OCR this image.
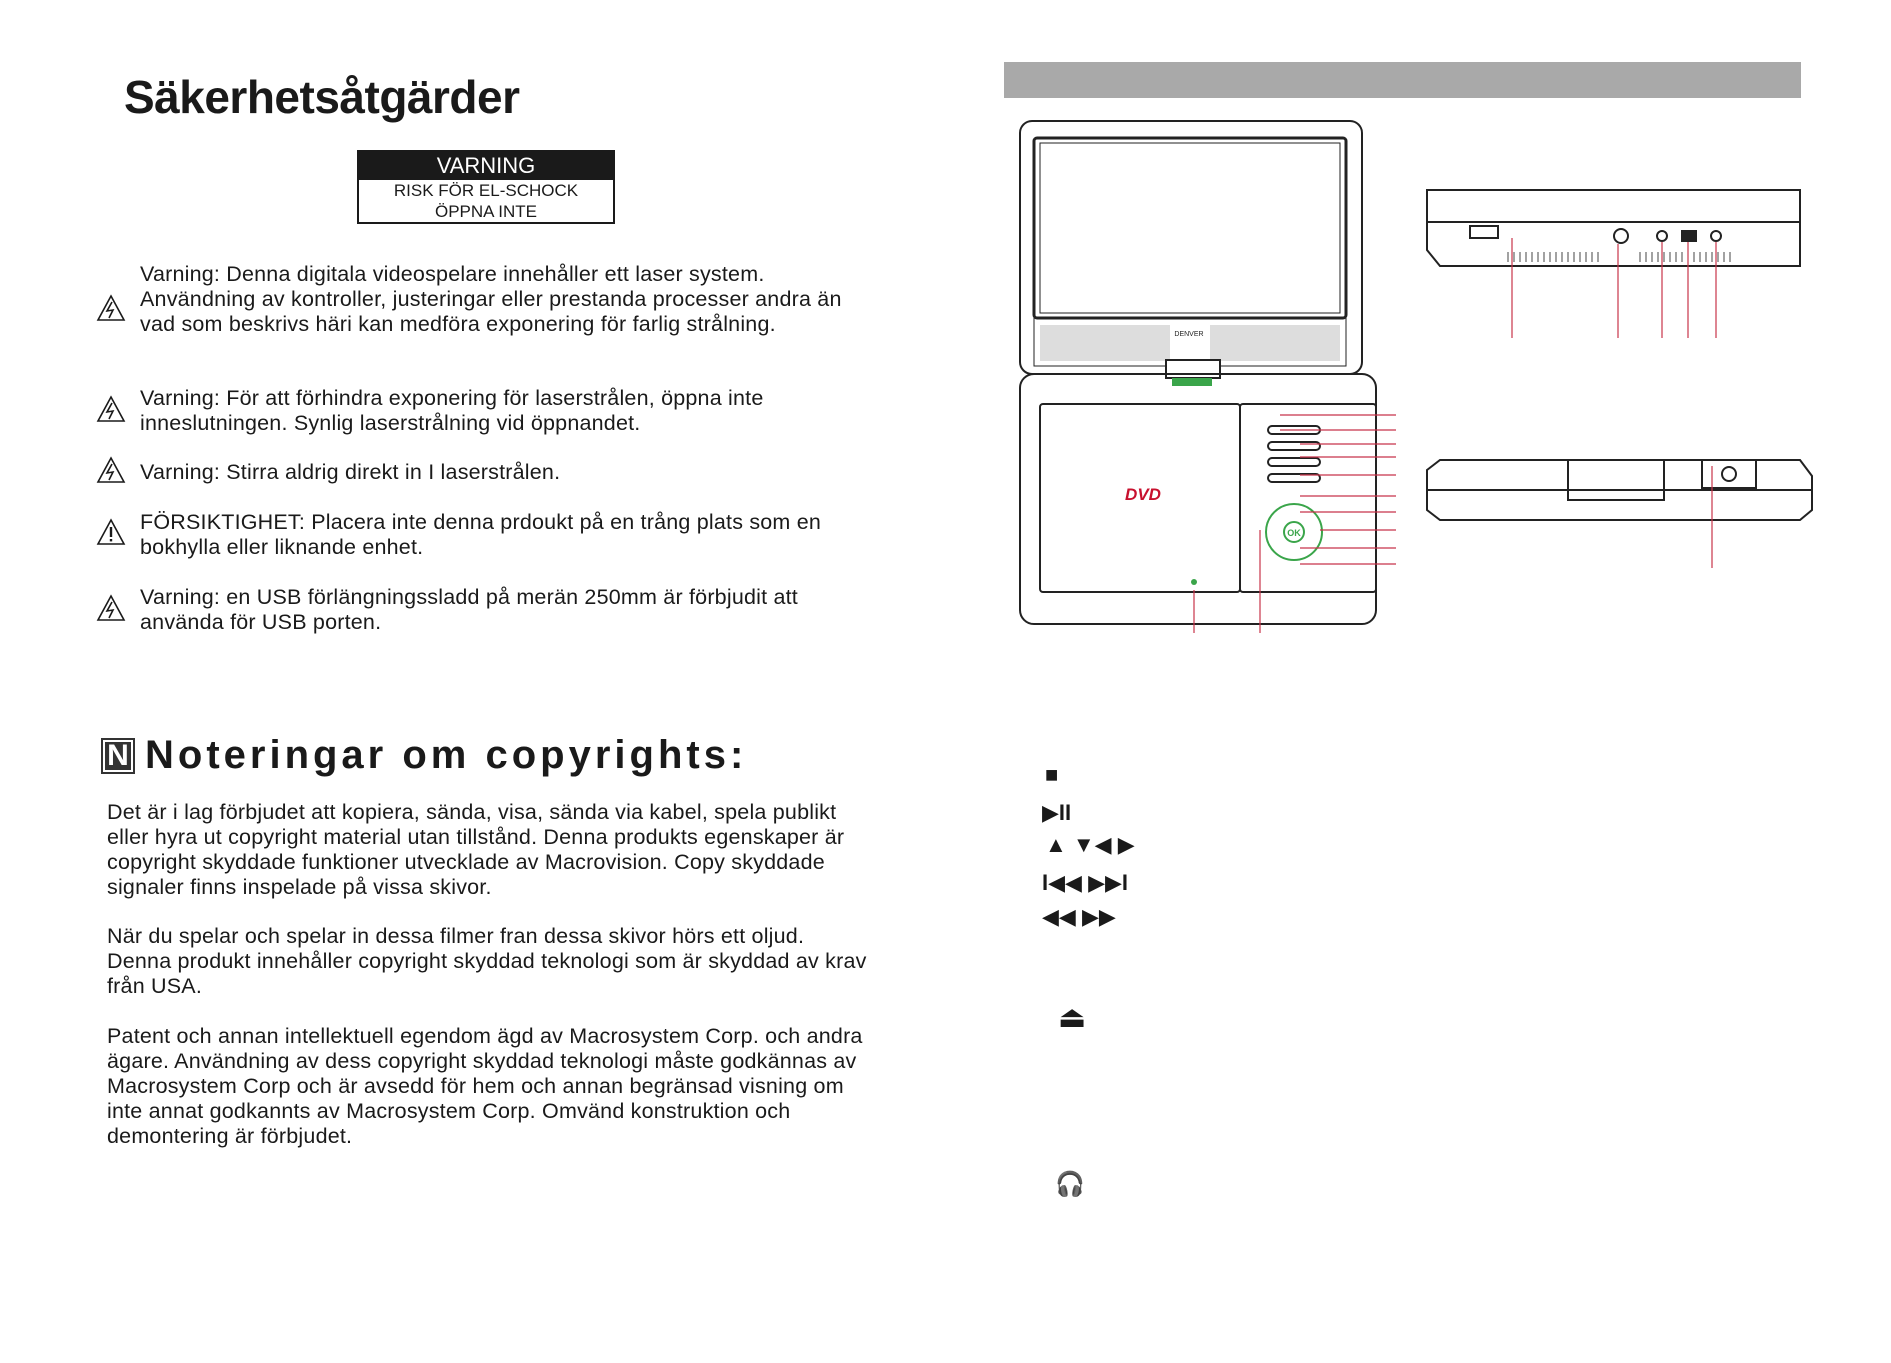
Säkerhetsåtgärder
VARNING
RISK FÖR EL-SCHOCK
ÖPPNA INTE
Varning: Denna digitala videospelare innehåller ett laser system. Användning av kontroller, justeringar eller prestanda processer andra än vad som beskrivs häri kan medföra exponering för farlig strålning.
Varning: För att förhindra exponering för laserstrålen, öppna inte inneslutningen. Synlig laserstrålning vid öppnandet.
Varning: Stirra aldrig direkt in I laserstrålen.
FÖRSIKTIGHET: Placera inte denna prdoukt på en trång plats som en bokhylla eller liknande enhet.
Varning: en USB förlängningssladd på merän 250mm är förbjudit att använda för USB porten.
N Noteringar om copyrights:
Det är i lag förbjudet att kopiera, sända, visa, sända via kabel, spela publikt eller hyra ut copyright material utan tillstånd. Denna produkts egenskaper är copyright skyddade funktioner utvecklade av Macrovision. Copy skyddade signaler finns inspelade på vissa skivor.
När du spelar och spelar in dessa filmer fran dessa skivor hörs ett oljud. Denna produkt innehåller copyright skyddad teknologi som är skyddad av krav från USA.
Patent och annan intellektuell egendom ägd av Macrosystem Corp. och andra ägare. Användning av dess copyright skyddad teknologi måste godkännas av Macrosystem Corp och är avsedd för hem och annan begränsad visning om inte annat godkannts av Macrosystem Corp. Omvänd konstruktion och demontering är förbjudet.
DENVER
DVD
OK
■
▶II
▲ ▼◀ ▶
I◀◀ ▶▶I
◀◀ ▶▶
⏏
🎧
